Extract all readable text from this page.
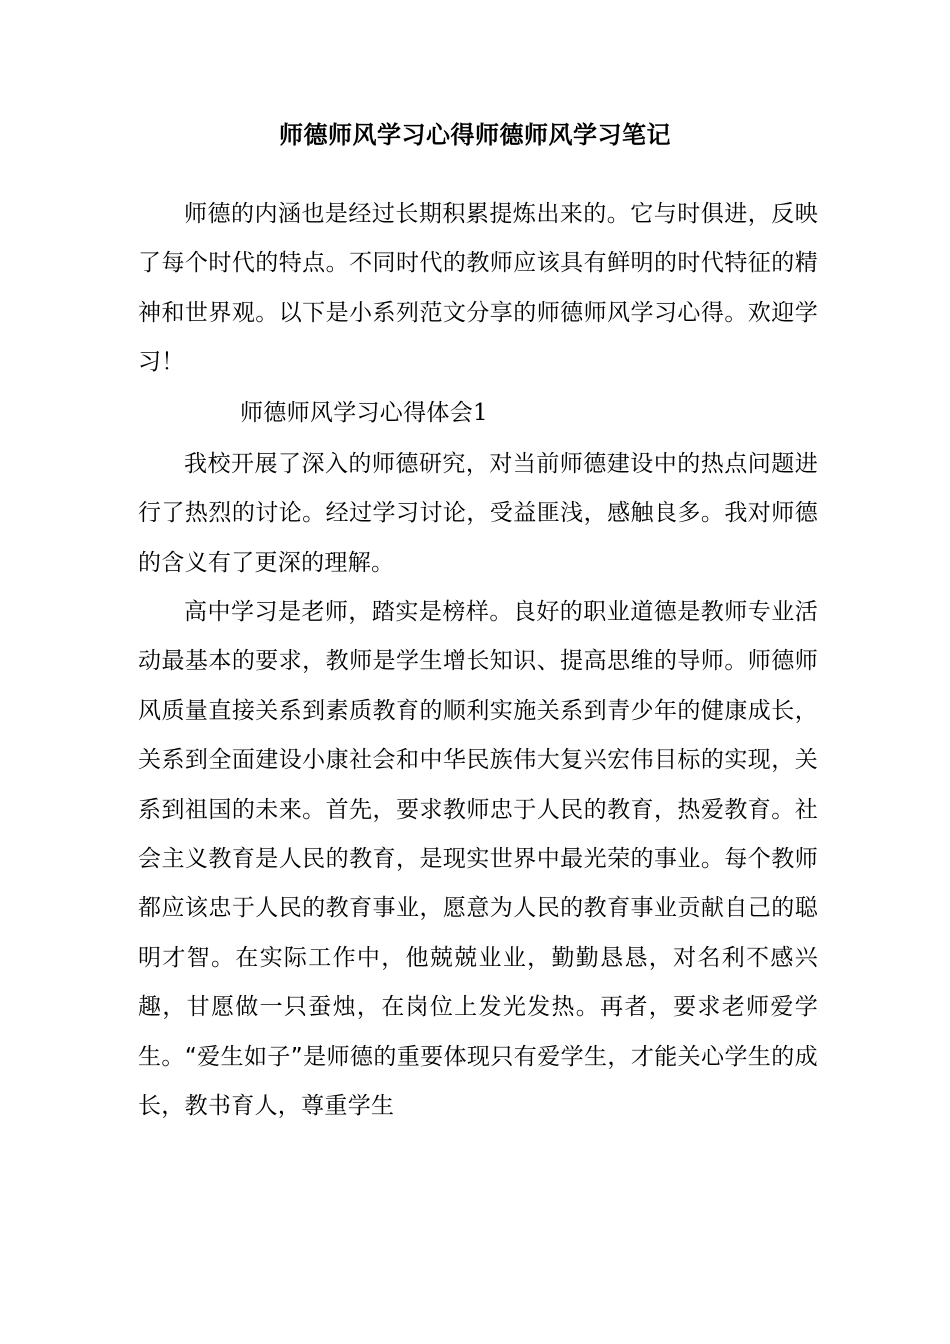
师德师风学习心得师德师风学习笔记

师德的内涵也是经过长期积累提炼出来的。它与时俱进，反映了每个时代的特点。不同时代的教师应该具有鲜明的时代特征的精神和世界观。以下是小系列范文分享的师德师风学习心得。欢迎学习！

师德师风学习心得体会1

我校开展了深入的师德研究，对当前师德建设中的热点问题进行了热烈的讨论。经过学习讨论，受益匪浅，感触良多。我对师德的含义有了更深的理解。

高中学习是老师，踏实是榜样。良好的职业道德是教师专业活动最基本的要求，教师是学生增长知识、提高思维的导师。师德师风质量直接关系到素质教育的顺利实施关系到青少年的健康成长，关系到全面建设小康社会和中华民族伟大复兴宏伟目标的实现，关系到祖国的未来。首先，要求教师忠于人民的教育，热爱教育。社会主义教育是人民的教育，是现实世界中最光荣的事业。每个教师都应该忠于人民的教育事业，愿意为人民的教育事业贡献自己的聪明才智。在实际工作中，他兢兢业业，勤勤恳恳，对名利不感兴趣，甘愿做一只蚕烛，在岗位上发光发热。再者，要求老师爱学生。“爱生如子”是师德的重要体现只有爱学生，才能关心学生的成长，教书育人，尊重学生
